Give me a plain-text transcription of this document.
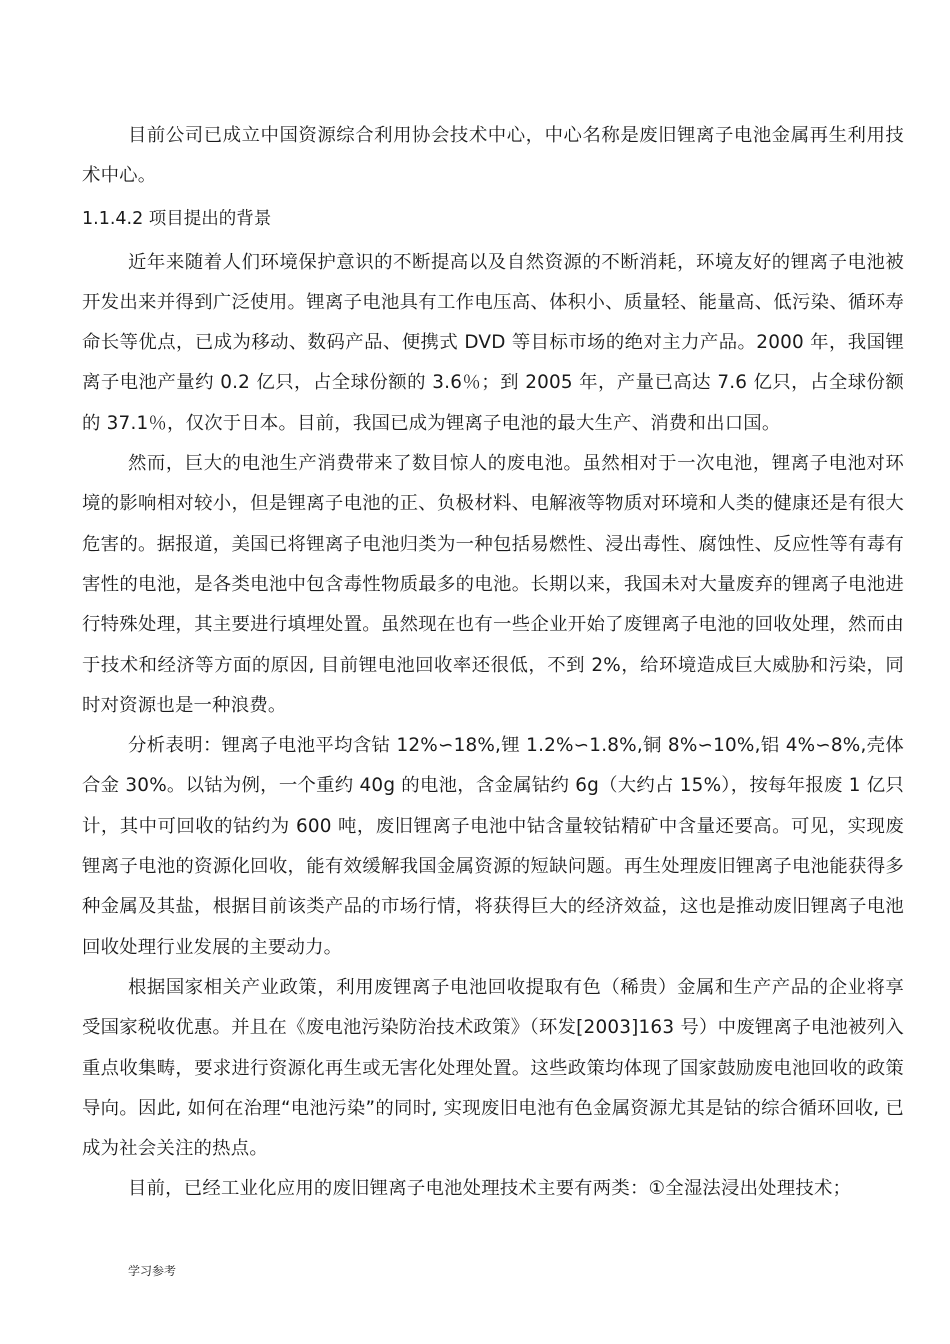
目前公司已成立中国资源综合利用协会技术中心，中心名称是废旧锂离子电池金属再生利用技术中心。

1.1.4.2 项目提出的背景

近年来随着人们环境保护意识的不断提高以及自然资源的不断消耗，环境友好的锂离子电池被开发出来并得到广泛使用。锂离子电池具有工作电压高、体积小、质量轻、能量高、低污染、循环寿命长等优点，已成为移动、数码产品、便携式 DVD 等目标市场的绝对主力产品。2000 年，我国锂离子电池产量约 0.2 亿只，占全球份额的 3.6％；到 2005 年，产量已高达 7.6 亿只，占全球份额的 37.1％，仅次于日本。目前，我国已成为锂离子电池的最大生产、消费和出口国。

然而，巨大的电池生产消费带来了数目惊人的废电池。虽然相对于一次电池，锂离子电池对环境的影响相对较小，但是锂离子电池的正、负极材料、电解液等物质对环境和人类的健康还是有很大危害的。据报道，美国已将锂离子电池归类为一种包括易燃性、浸出毒性、腐蚀性、反应性等有毒有害性的电池，是各类电池中包含毒性物质最多的电池。长期以来，我国未对大量废弃的锂离子电池进行特殊处理，其主要进行填埋处置。虽然现在也有一些企业开始了废锂离子电池的回收处理，然而由于技术和经济等方面的原因, 目前锂电池回收率还很低，不到 2%，给环境造成巨大威胁和污染，同时对资源也是一种浪费。

分析表明：锂离子电池平均含钴 12%∽18%,锂 1.2%∽1.8%,铜 8%∽10%,铝 4%∽8%,壳体合金 30%。以钴为例，一个重约 40g 的电池，含金属钴约 6g（大约占 15%），按每年报废 1 亿只计，其中可回收的钴约为 600 吨，废旧锂离子电池中钴含量较钴精矿中含量还要高。可见，实现废锂离子电池的资源化回收，能有效缓解我国金属资源的短缺问题。再生处理废旧锂离子电池能获得多种金属及其盐，根据目前该类产品的市场行情，将获得巨大的经济效益，这也是推动废旧锂离子电池回收处理行业发展的主要动力。

根据国家相关产业政策，利用废锂离子电池回收提取有色（稀贵）金属和生产产品的企业将享受国家税收优惠。并且在《废电池污染防治技术政策》（环发[2003]163 号）中废锂离子电池被列入重点收集畴，要求进行资源化再生或无害化处理处置。这些政策均体现了国家鼓励废电池回收的政策导向。因此, 如何在治理“电池污染”的同时, 实现废旧电池有色金属资源尤其是钴的综合循环回收, 已成为社会关注的热点。

目前，已经工业化应用的废旧锂离子电池处理技术主要有两类：①全湿法浸出处理技术；

学习参考
